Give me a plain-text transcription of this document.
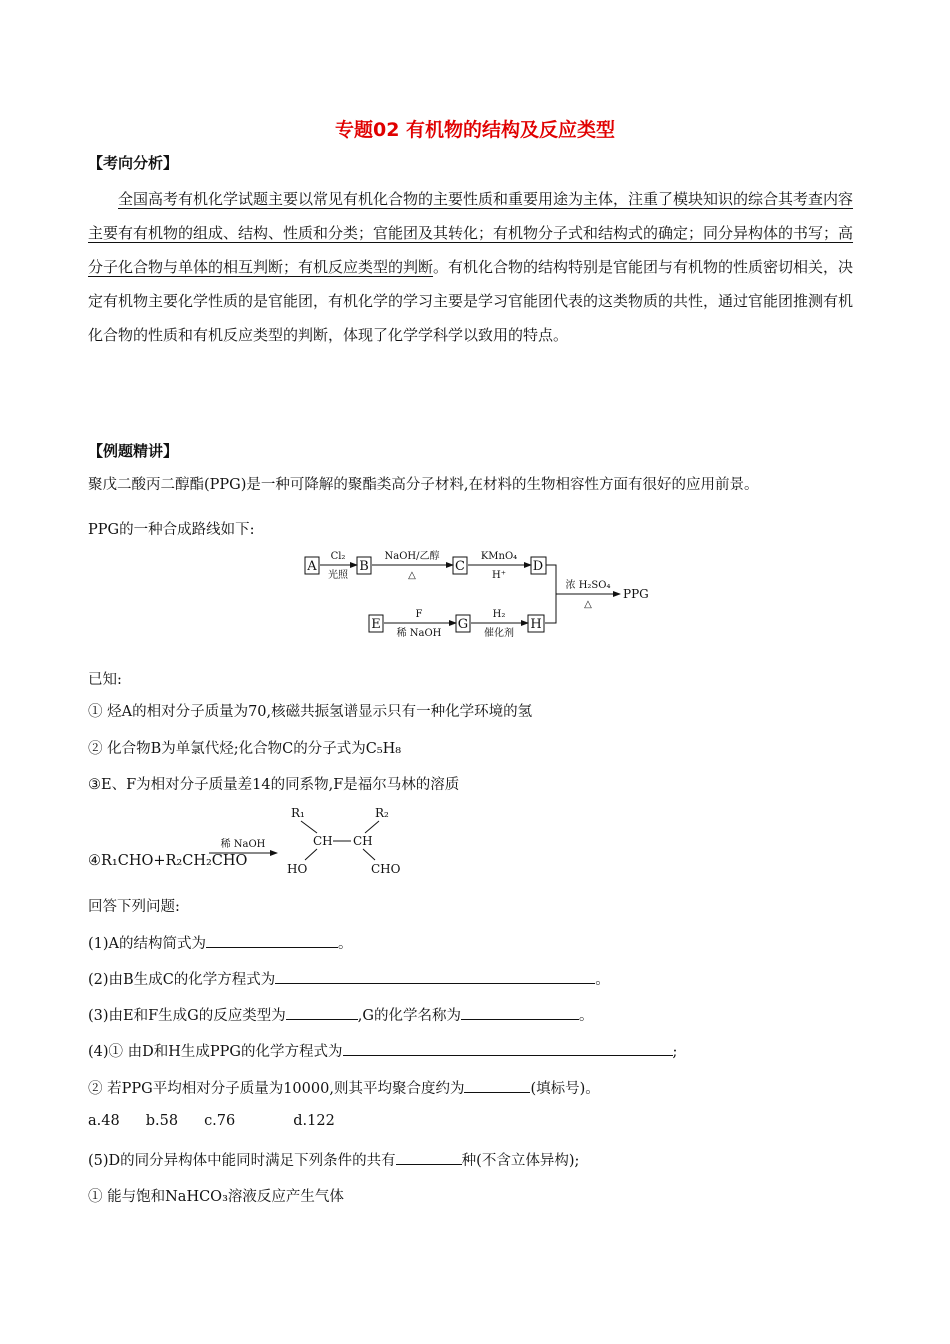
专题02 有机物的结构及反应类型
【考向分析】

全国高考有机化学试题主要以常见有机化合物的主要性质和重要用途为主体，注重了模块知识的综合其考查内容主要有有机物的组成、结构、性质和分类；官能团及其转化；有机物分子式和结构式的确定；同分异构体的书写；高分子化合物与单体的相互判断；有机反应类型的判断。有机化合物的结构特别是官能团与有机物的性质密切相关，决定有机物主要化学性质的是官能团，有机化学的学习主要是学习官能团代表的这类物质的共性，通过官能团推测有机化合物的性质和有机反应类型的判断，体现了化学学科学以致用的特点。

【例题精讲】
聚戊二酸丙二醇酯(PPG)是一种可降解的聚酯类高分子材料,在材料的生物相容性方面有很好的应用前景。
PPG的一种合成路线如下:
A
Cl₂
光照
B
NaOH/乙醇
△
C
KMnO₄
H⁺
D
E
F
稀 NaOH
G
H₂
催化剂
H
浓 H₂SO₄
△
PPG
已知:
① 烃A的相对分子质量为70,核磁共振氢谱显示只有一种化学环境的氢
② 化合物B为单氯代烃;化合物C的分子式为C₅H₈
③E、F为相对分子质量差14的同系物,F是福尔马林的溶质
④R₁CHO+R₂CH₂CHO
稀 NaOH
R₁	R₂
CH CH
HO	CHO
回答下列问题:
(1)A的结构简式为	。
(2)由B生成C的化学方程式为	。
(3)由E和F生成G的反应类型为	,G的化学名称为	。
(4)① 由D和H生成PPG的化学方程式为	;
② 若PPG平均相对分子质量为10000,则其平均聚合度约为	(填标号)。
a.48 b.58 c.76	d.122
(5)D的同分异构体中能同时满足下列条件的共有	种(不含立体异构);
① 能与饱和NaHCO₃溶液反应产生气体
